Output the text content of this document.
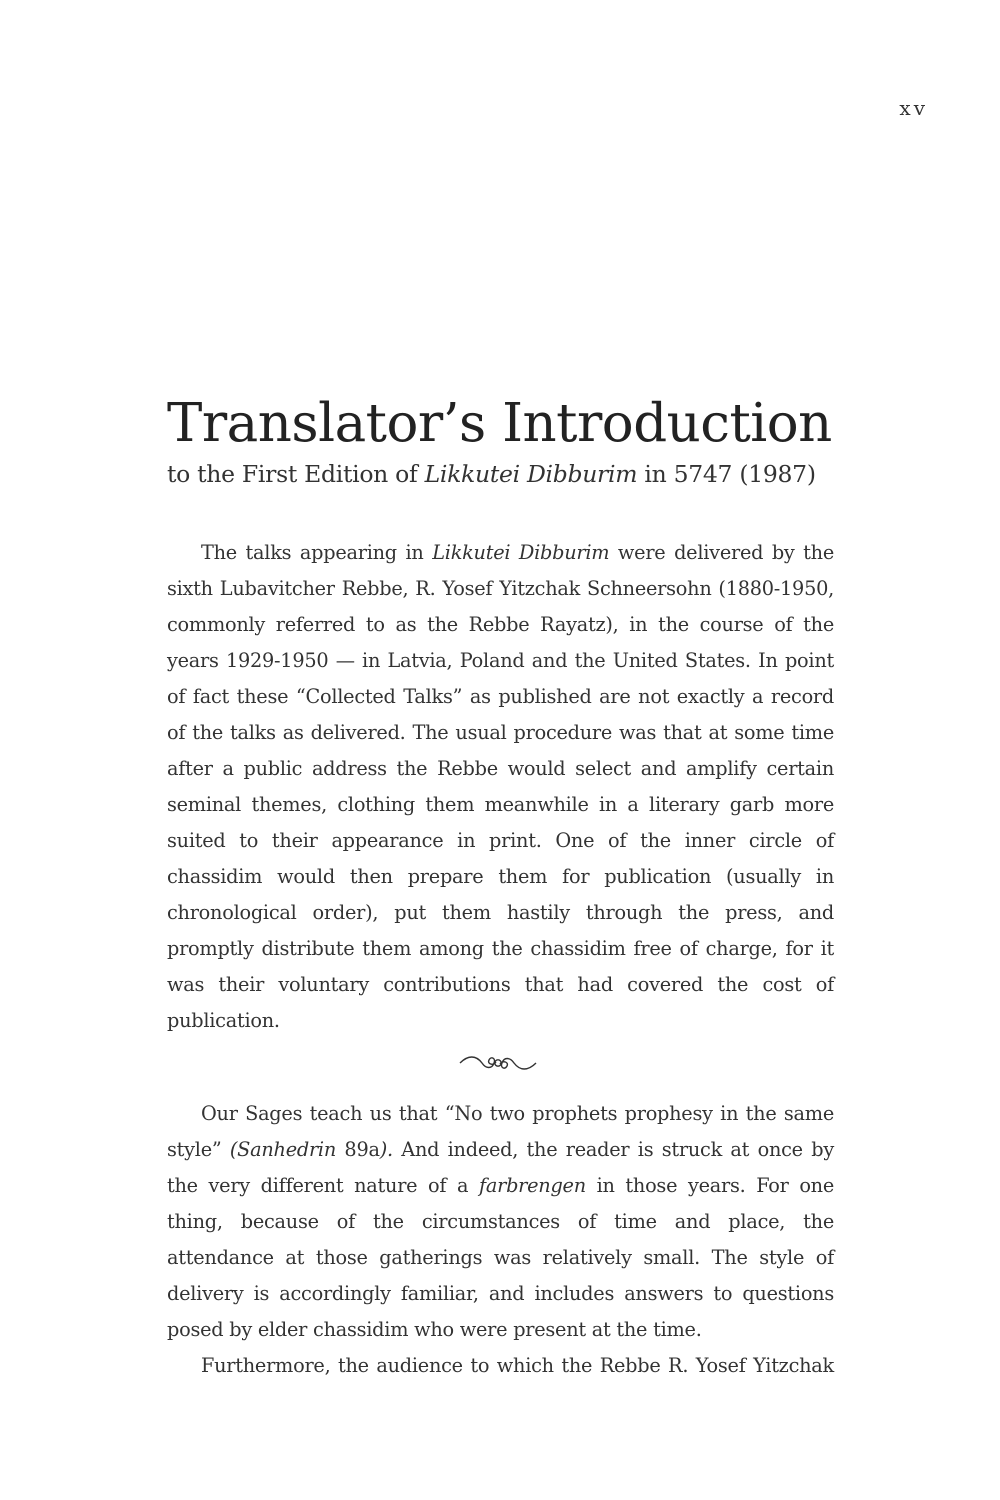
xv
Translator’s Introduction

to the First Edition of Likkutei Dibburim in 5747 (1987)

The talks appearing in Likkutei Dibburim were delivered by the sixth Lubavitcher Rebbe, R. Yosef Yitzchak Schneersohn (1880-1950, commonly referred to as the Rebbe Rayatz), in the course of the years 1929-1950 — in Latvia, Poland and the United States. In point of fact these “Collected Talks” as published are not exactly a record of the talks as delivered. The usual procedure was that at some time after a public address the Rebbe would select and amplify certain seminal themes, clothing them meanwhile in a literary garb more suited to their appearance in print. One of the inner circle of chassidim would then prepare them for publication (usually in chronological order), put them hastily through the press, and promptly distribute them among the chassidim free of charge, for it was their voluntary contributions that had covered the cost of publication.

Our Sages teach us that “No two prophets prophesy in the same style” (Sanhedrin 89a). And indeed, the reader is struck at once by the very different nature of a farbrengen in those years. For one thing, because of the circumstances of time and place, the attendance at those gatherings was relatively small. The style of delivery is accordingly familiar, and includes answers to questions posed by elder chassidim who were present at the time.

Furthermore, the audience to which the Rebbe R. Yosef Yitzchak
